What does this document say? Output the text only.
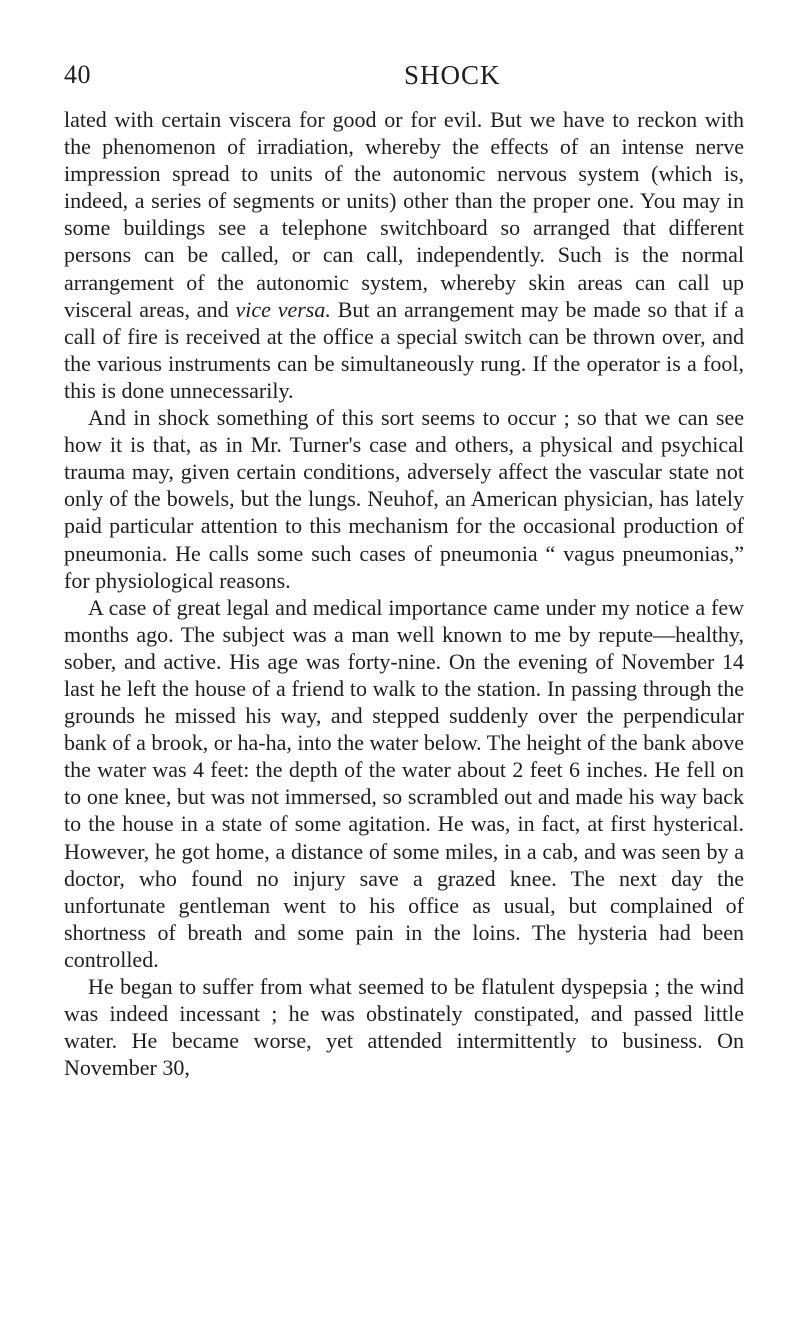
40	SHOCK

lated with certain viscera for good or for evil. But we have to reckon with the phenomenon of irradiation, whereby the effects of an intense nerve impression spread to units of the autonomic nervous system (which is, indeed, a series of segments or units) other than the proper one. You may in some buildings see a telephone switchboard so arranged that different persons can be called, or can call, independently. Such is the normal arrangement of the autonomic system, whereby skin areas can call up visceral areas, and vice versa. But an arrangement may be made so that if a call of fire is received at the office a special switch can be thrown over, and the various instruments can be simultaneously rung. If the operator is a fool, this is done unnecessarily.

And in shock something of this sort seems to occur ; so that we can see how it is that, as in Mr. Turner's case and others, a physical and psychical trauma may, given certain conditions, adversely affect the vascular state not only of the bowels, but the lungs. Neuhof, an American physician, has lately paid particular attention to this mechanism for the occasional production of pneumonia. He calls some such cases of pneumonia “ vagus pneumonias,” for physiological reasons.

A case of great legal and medical importance came under my notice a few months ago. The subject was a man well known to me by repute—healthy, sober, and active. His age was forty-nine. On the evening of November 14 last he left the house of a friend to walk to the station. In passing through the grounds he missed his way, and stepped suddenly over the perpendicular bank of a brook, or ha-ha, into the water below. The height of the bank above the water was 4 feet: the depth of the water about 2 feet 6 inches. He fell on to one knee, but was not immersed, so scrambled out and made his way back to the house in a state of some agitation. He was, in fact, at first hysterical. However, he got home, a distance of some miles, in a cab, and was seen by a doctor, who found no injury save a grazed knee. The next day the unfortunate gentleman went to his office as usual, but complained of shortness of breath and some pain in the loins. The hysteria had been controlled.

He began to suffer from what seemed to be flatulent dyspepsia ; the wind was indeed incessant ; he was obstinately constipated, and passed little water. He became worse, yet attended intermittently to business. On November 30,
